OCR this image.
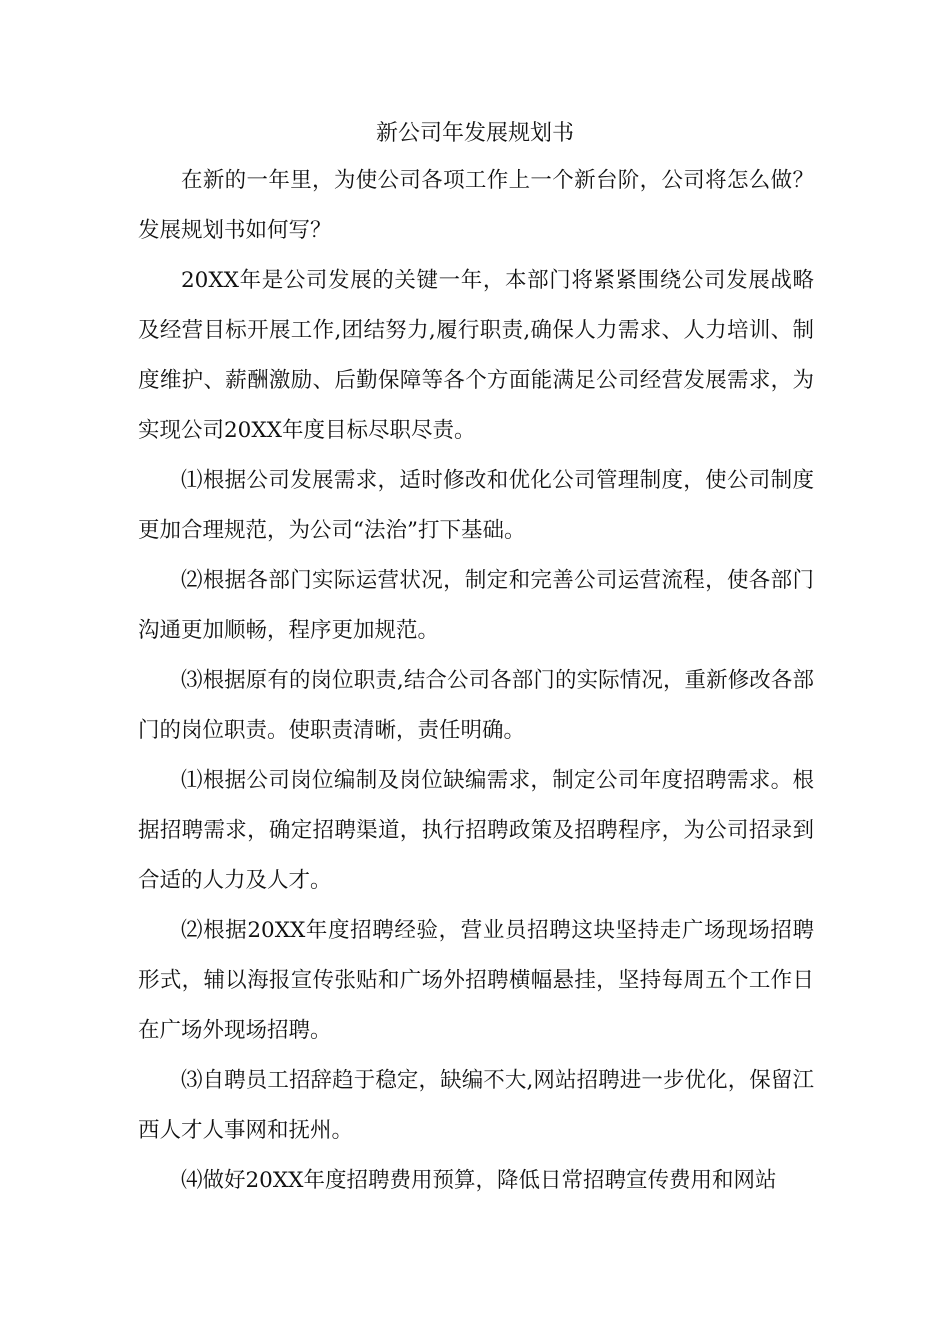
新公司年发展规划书

在新的一年里，为使公司各项工作上一个新台阶，公司将怎么做？发展规划书如何写？

20XX年是公司发展的关键一年，本部门将紧紧围绕公司发展战略及经营目标开展工作,团结努力,履行职责,确保人力需求、人力培训、制度维护、薪酬激励、后勤保障等各个方面能满足公司经营发展需求，为实现公司20XX年度目标尽职尽责。

⑴根据公司发展需求，适时修改和优化公司管理制度，使公司制度更加合理规范，为公司“法治”打下基础。

⑵根据各部门实际运营状况，制定和完善公司运营流程，使各部门沟通更加顺畅，程序更加规范。

⑶根据原有的岗位职责,结合公司各部门的实际情况，重新修改各部门的岗位职责。使职责清晰，责任明确。

⑴根据公司岗位编制及岗位缺编需求，制定公司年度招聘需求。根据招聘需求，确定招聘渠道，执行招聘政策及招聘程序，为公司招录到合适的人力及人才。

⑵根据20XX年度招聘经验，营业员招聘这块坚持走广场现场招聘形式，辅以海报宣传张贴和广场外招聘横幅悬挂，坚持每周五个工作日在广场外现场招聘。

⑶自聘员工招辞趋于稳定，缺编不大,网站招聘进一步优化，保留江西人才人事网和抚州。

⑷做好20XX年度招聘费用预算，降低日常招聘宣传费用和网站
